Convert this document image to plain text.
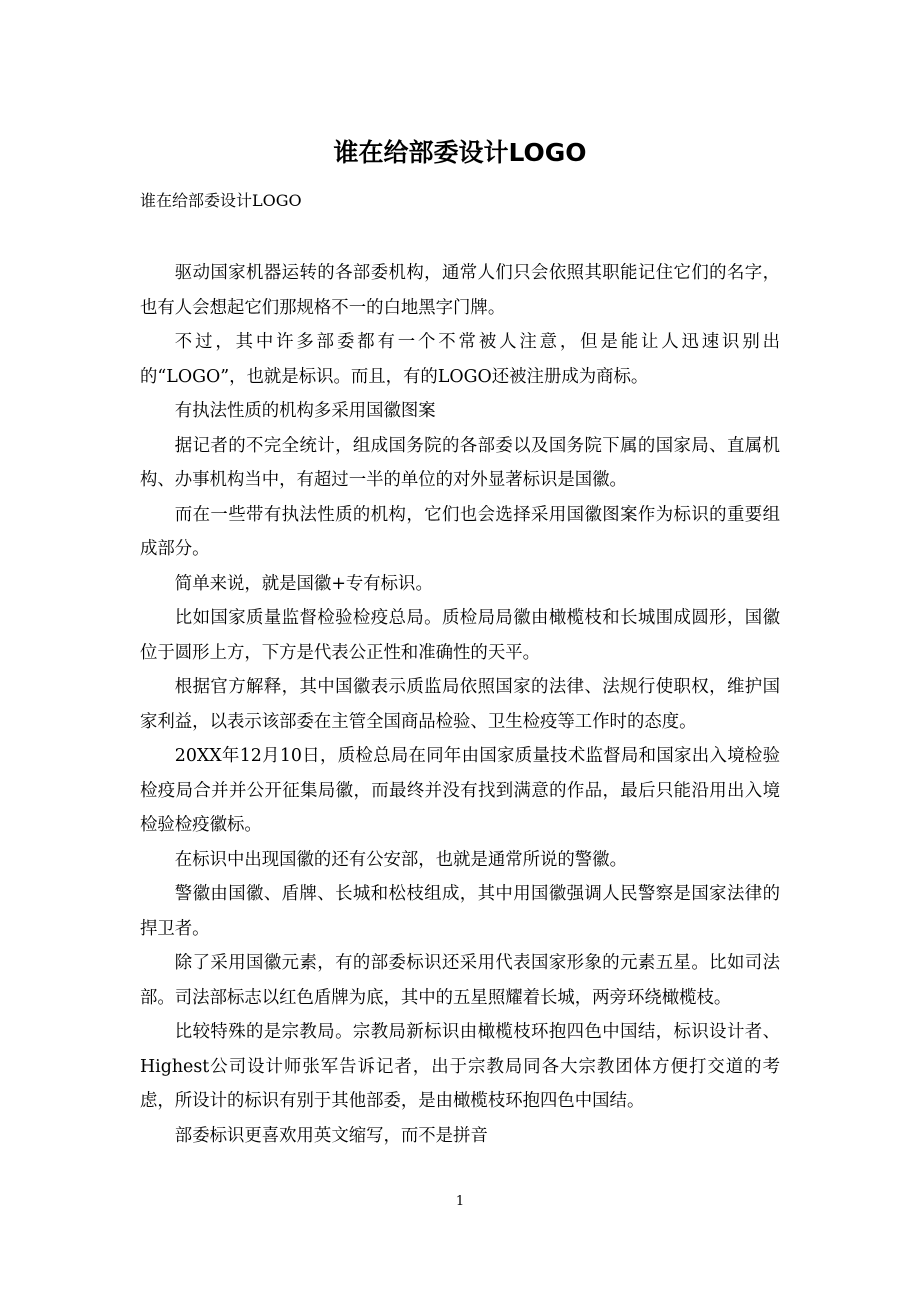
谁在给部委设计LOGO
谁在给部委设计LOGO

驱动国家机器运转的各部委机构，通常人们只会依照其职能记住它们的名字，也有人会想起它们那规格不一的白地黑字门牌。

不过，其中许多部委都有一个不常被人注意，但是能让人迅速识别出的“LOGO”，也就是标识。而且，有的LOGO还被注册成为商标。

有执法性质的机构多采用国徽图案

据记者的不完全统计，组成国务院的各部委以及国务院下属的国家局、直属机构、办事机构当中，有超过一半的单位的对外显著标识是国徽。

而在一些带有执法性质的机构，它们也会选择采用国徽图案作为标识的重要组成部分。

简单来说，就是国徽+专有标识。

比如国家质量监督检验检疫总局。质检局局徽由橄榄枝和长城围成圆形，国徽位于圆形上方，下方是代表公正性和准确性的天平。

根据官方解释，其中国徽表示质监局依照国家的法律、法规行使职权，维护国家利益，以表示该部委在主管全国商品检验、卫生检疫等工作时的态度。

20XX年12月10日，质检总局在同年由国家质量技术监督局和国家出入境检验检疫局合并并公开征集局徽，而最终并没有找到满意的作品，最后只能沿用出入境检验检疫徽标。

在标识中出现国徽的还有公安部，也就是通常所说的警徽。

警徽由国徽、盾牌、长城和松枝组成，其中用国徽强调人民警察是国家法律的捍卫者。

除了采用国徽元素，有的部委标识还采用代表国家形象的元素五星。比如司法部。司法部标志以红色盾牌为底，其中的五星照耀着长城，两旁环绕橄榄枝。

比较特殊的是宗教局。宗教局新标识由橄榄枝环抱四色中国结，标识设计者、Highest公司设计师张军告诉记者，出于宗教局同各大宗教团体方便打交道的考虑，所设计的标识有别于其他部委，是由橄榄枝环抱四色中国结。

部委标识更喜欢用英文缩写，而不是拼音

1
